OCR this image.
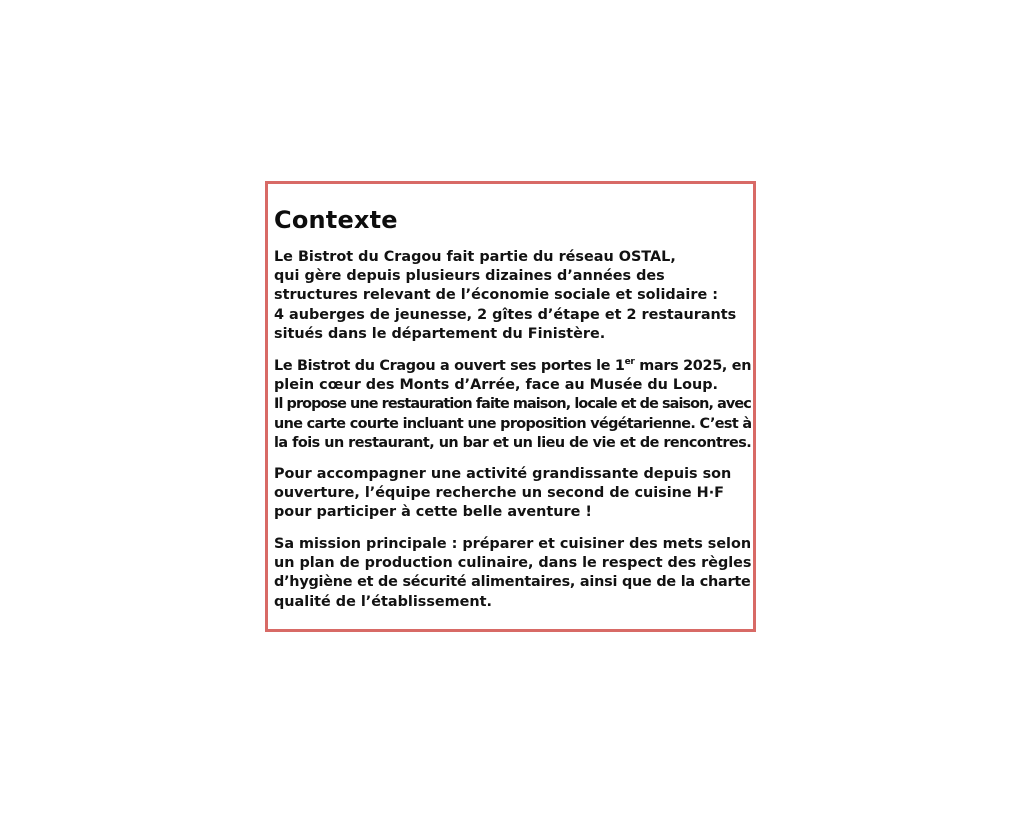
Contexte

Le Bistrot du Cragou fait partie du réseau OSTAL,
qui gère depuis plusieurs dizaines d’années des
structures relevant de l’économie sociale et solidaire :
4 auberges de jeunesse, 2 gîtes d’étape et 2 restaurants
situés dans le département du Finistère.

Le Bistrot du Cragou a ouvert ses portes le 1er mars 2025, en
plein cœur des Monts d’Arrée, face au Musée du Loup.
Il propose une restauration faite maison, locale et de saison, avec
une carte courte incluant une proposition végétarienne. C’est à
la fois un restaurant, un bar et un lieu de vie et de rencontres.

Pour accompagner une activité grandissante depuis son
ouverture, l’équipe recherche un second de cuisine H·F
pour participer à cette belle aventure !

Sa mission principale : préparer et cuisiner des mets selon
un plan de production culinaire, dans le respect des règles
d’hygiène et de sécurité alimentaires, ainsi que de la charte
qualité de l’établissement.
